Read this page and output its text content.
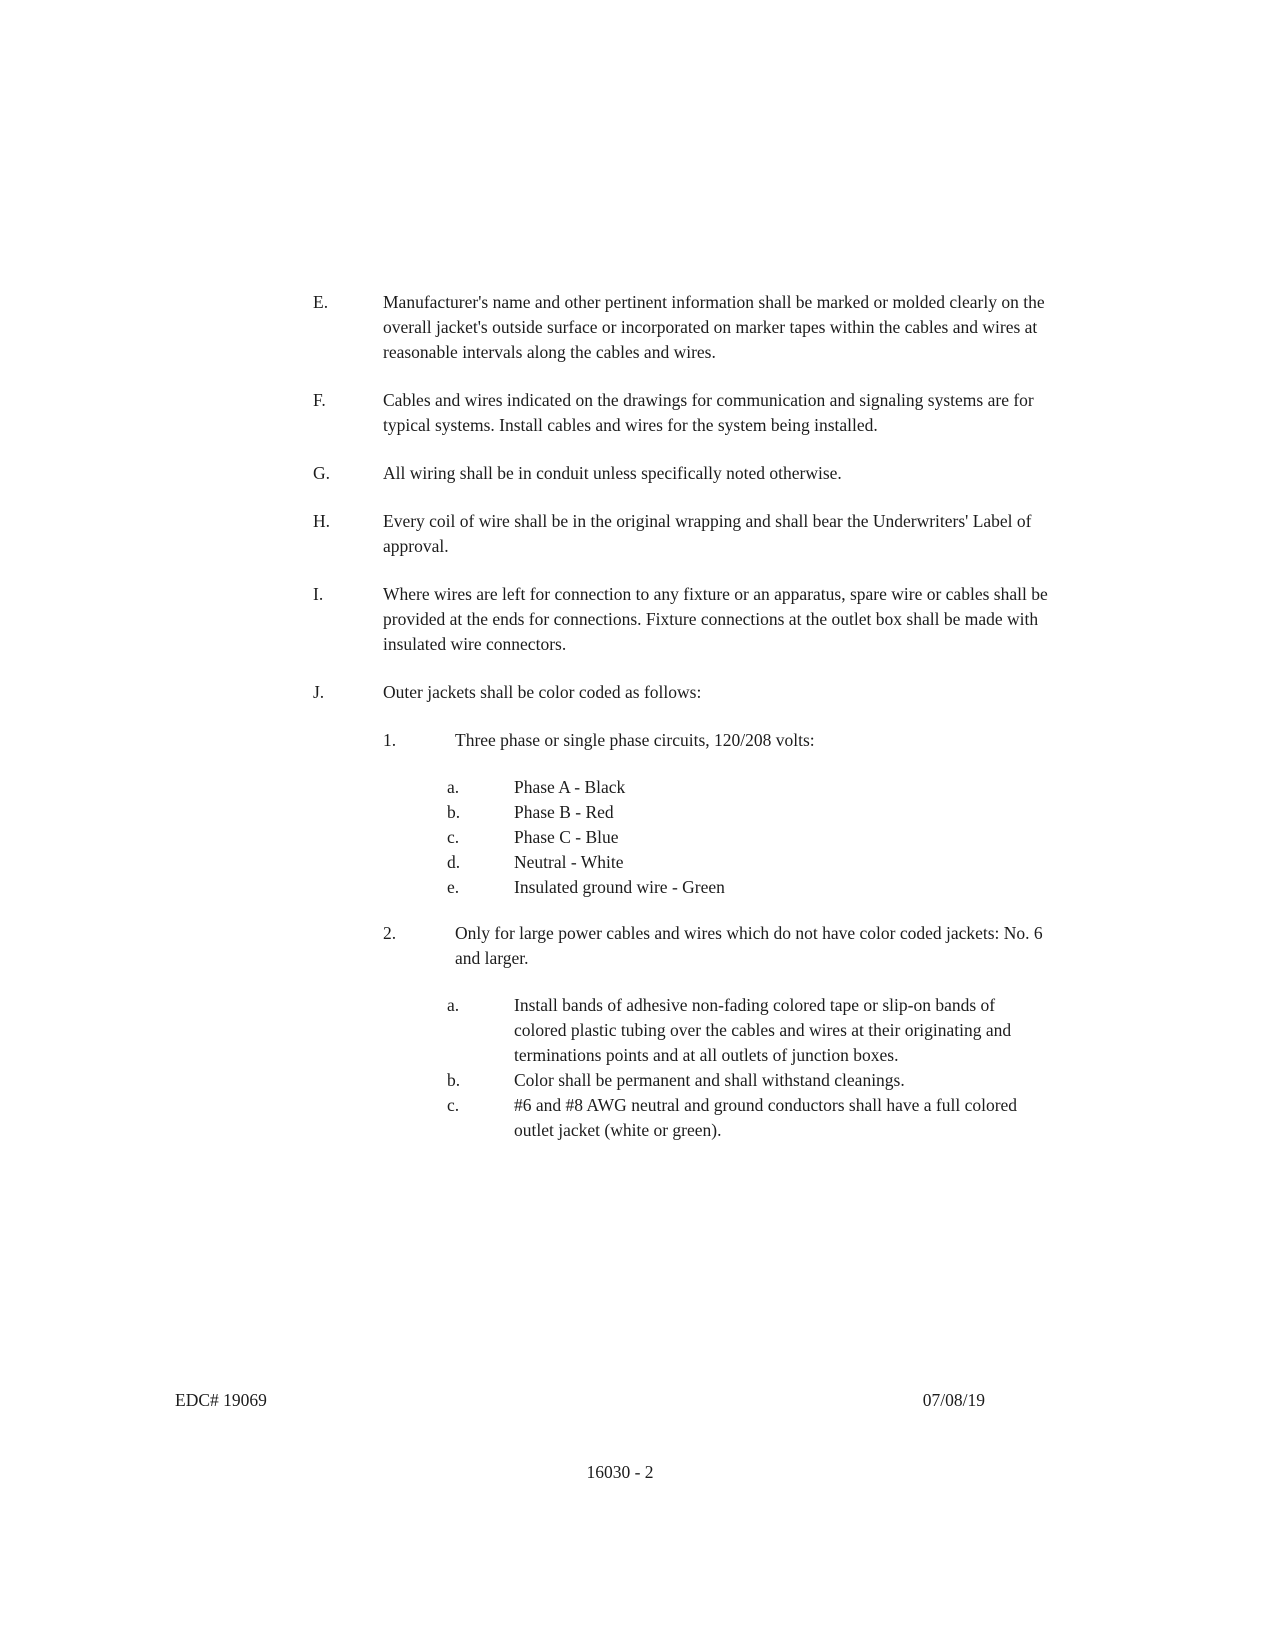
E.	Manufacturer's name and other pertinent information shall be marked or molded clearly on the overall jacket's outside surface or incorporated on marker tapes within the cables and wires at reasonable intervals along the cables and wires.

F.	Cables and wires indicated on the drawings for communication and signaling systems are for typical systems. Install cables and wires for the system being installed.

G.	All wiring shall be in conduit unless specifically noted otherwise.

H.	Every coil of wire shall be in the original wrapping and shall bear the Underwriters' Label of approval.

I.	Where wires are left for connection to any fixture or an apparatus, spare wire or cables shall be provided at the ends for connections. Fixture connections at the outlet box shall be made with insulated wire connectors.

J.	Outer jackets shall be color coded as follows:

1.	Three phase or single phase circuits, 120/208 volts:

a.	Phase A - Black

b.	Phase B - Red

c.	Phase C - Blue

d.	Neutral - White

e.	Insulated ground wire - Green

2.	Only for large power cables and wires which do not have color coded jackets: No. 6 and larger.

a.	Install bands of adhesive non-fading colored tape or slip-on bands of colored plastic tubing over the cables and wires at their originating and terminations points and at all outlets of junction boxes.

b.	Color shall be permanent and shall withstand cleanings.

c.	#6 and #8 AWG neutral and ground conductors shall have a full colored outlet jacket (white or green).

EDC# 19069	07/08/19
16030 - 2
